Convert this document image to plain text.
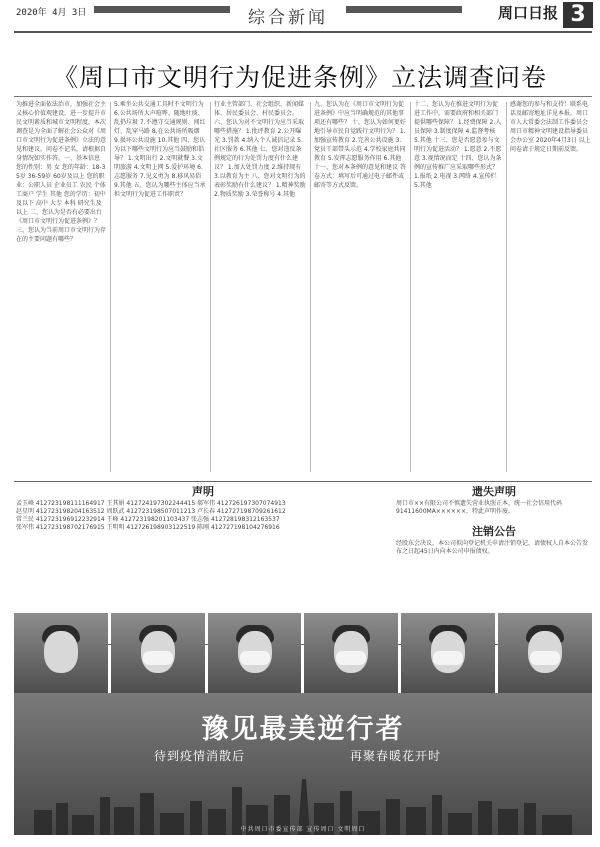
2020年 4月 3日	综合新闻	周口日报 3
《周口市文明行为促进条例》立法调查问卷
为推进全面依法治市，加强社会主义核心价值观建设，进一步提升市民文明素质和城市文明程度，本次调查是为全面了解社会公众对《周口市文明行为促进条例》立法的意见和建议。问卷不记名，请根据自身情况如实作答。一、基本信息 您的性别：男 女 您的年龄：18-35岁 36-59岁 60岁及以上 您的职业：公职人员 企业员工 农民 个体工商户 学生 其他 您的学历：初中及以下 高中 大专 本科 研究生及以上 二、您认为是否有必要出台《周口市文明行为促进条例》？ 三、您认为当前周口市文明行为存在的主要问题有哪些？
5.乘坐公共交通工具时不文明行为 6.公共场所大声喧哗、随地吐痰、乱扔垃圾 7.不遵守交通规则、闯红灯、乱穿马路 8.在公共场所吸烟 9.损坏公共设施 10.其他 四、您认为以下哪些文明行为应当鼓励和倡导？ 1.文明出行 2.文明就餐 3.文明旅游 4.文明上网 5.爱护环境 6.志愿服务 7.见义勇为 8.移风易俗 9.其他 五、您认为哪些主体应当承担文明行为促进工作职责？
行业主管部门、社会组织、新闻媒体、居民委员会、村民委员会。六、您认为对不文明行为应当采取哪些措施？ 1.批评教育 2.公开曝光 3.罚款 4.纳入个人诚信记录 5.社区服务 6.其他 七、您对违反条例规定的行为处罚力度有什么建议？ 1.加大处罚力度 2.维持现有 3.以教育为主 八、您对文明行为的表彰奖励有什么建议？ 1.精神奖励 2.物质奖励 3.荣誉称号 4.其他
九、您认为在《周口市文明行为促进条例》中应当明确规范的其他事项还有哪些？ 十、您认为如何更好地引导市民自觉践行文明行为？ 1.加强宣传教育 2.完善公共设施 3.党员干部带头示范 4.学校家庭共同教育 5.发挥志愿服务作用 6.其他 十一、您对本条例的意见和建议 答卷方式：填写后可通过电子邮件或邮寄等方式反馈。
十二、您认为在推进文明行为促进工作中，需要政府和相关部门提供哪些保障？ 1.经费保障 2.人员保障 3.制度保障 4.监督考核 5.其他 十三、您是否愿意参与文明行为促进活动？ 1.愿意 2.不愿意 3.视情况而定 十四、您认为条例的宣传推广应采取哪些形式？ 1.报纸 2.电视 3.网络 4.宣传栏 5.其他
感谢您的参与和支持！联系电话及邮寄地址详见本报。周口市人大常委会法制工作委员会 周口市精神文明建设指导委员会办公室 2020年4月3日 以上问卷请于规定日期前反馈。
声明
孟玉峰 412723198111164917 王其娟 412724197302244415 郝军伟 412726197307074913
赵星明 412723198204163512 周跃武 412723198507011213 卢长春 412727198709261612
常兰民 412723196912232914 王峰 412723198201103437 张志强 412728198312163537
张军伟 412723198702176915 王明明 412726198903122519 陈刚 412727198104276916
遗失声明
周口市××有限公司不慎遗失营业执照正本，统一社会信用代码 91411600MA××××××，特此声明作废。
注销公告
经股东会决议，本公司拟向登记机关申请注销登记，请债权人自本公告发布之日起45日内向本公司申报债权。
豫见最美逆行者
待到疫情消散后	再聚春暖花开时
中共周口市委宣传部 宣传周口 文明周口
